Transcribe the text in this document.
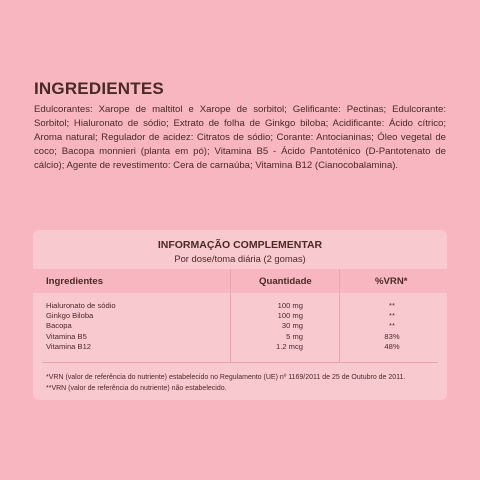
INGREDIENTES
Edulcorantes: Xarope de maltitol e Xarope de sorbitol; Gelificante: Pectinas; Edulcorante: Sorbitol; Hialuronato de sódio; Extrato de folha de Ginkgo biloba; Acidificante: Ácido cítrico; Aroma natural; Regulador de acidez: Citratos de sódio; Corante: Antocianinas; Óleo vegetal de coco; Bacopa monnieri (planta em pó); Vitamina B5 - Ácido Pantoténico (D-Pantotenato de cálcio); Agente de revestimento: Cera de carnaúba; Vitamina B12 (Cianocobalamina).
INFORMAÇÃO COMPLEMENTAR
Por dose/toma diária (2 gomas)
Ingredientes	Quantidade	%VRN*
Hialuronato de sódio	100 mg	**
Ginkgo Biloba	100 mg	**
Bacopa	30 mg	**
Vitamina B5	5 mg	83%
Vitamina B12	1.2 mcg	48%
*VRN (valor de referência do nutriente) estabelecido no Regulamento (UE) nº 1169/2011 de 25 de Outubro de 2011.
**VRN (valor de referência do nutriente) não estabelecido.
